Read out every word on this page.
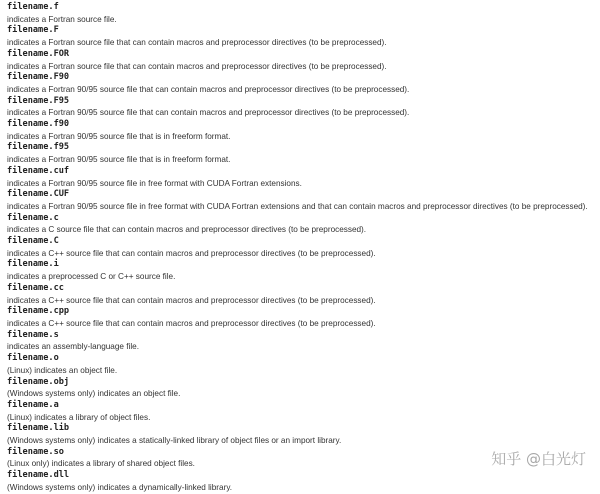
filename.f
indicates a Fortran source file.
filename.F
indicates a Fortran source file that can contain macros and preprocessor directives (to be preprocessed).
filename.FOR
indicates a Fortran source file that can contain macros and preprocessor directives (to be preprocessed).
filename.F90
indicates a Fortran 90/95 source file that can contain macros and preprocessor directives (to be preprocessed).
filename.F95
indicates a Fortran 90/95 source file that can contain macros and preprocessor directives (to be preprocessed).
filename.f90
indicates a Fortran 90/95 source file that is in freeform format.
filename.f95
indicates a Fortran 90/95 source file that is in freeform format.
filename.cuf
indicates a Fortran 90/95 source file in free format with CUDA Fortran extensions.
filename.CUF
indicates a Fortran 90/95 source file in free format with CUDA Fortran extensions and that can contain macros and preprocessor directives (to be preprocessed).
filename.c
indicates a C source file that can contain macros and preprocessor directives (to be preprocessed).
filename.C
indicates a C++ source file that can contain macros and preprocessor directives (to be preprocessed).
filename.i
indicates a preprocessed C or C++ source file.
filename.cc
indicates a C++ source file that can contain macros and preprocessor directives (to be preprocessed).
filename.cpp
indicates a C++ source file that can contain macros and preprocessor directives (to be preprocessed).
filename.s
indicates an assembly-language file.
filename.o
(Linux) indicates an object file.
filename.obj
(Windows systems only) indicates an object file.
filename.a
(Linux) indicates a library of object files.
filename.lib
(Windows systems only) indicates a statically-linked library of object files or an import library.
filename.so
(Linux only) indicates a library of shared object files.
filename.dll
(Windows systems only) indicates a dynamically-linked library.
知乎 @白光灯
